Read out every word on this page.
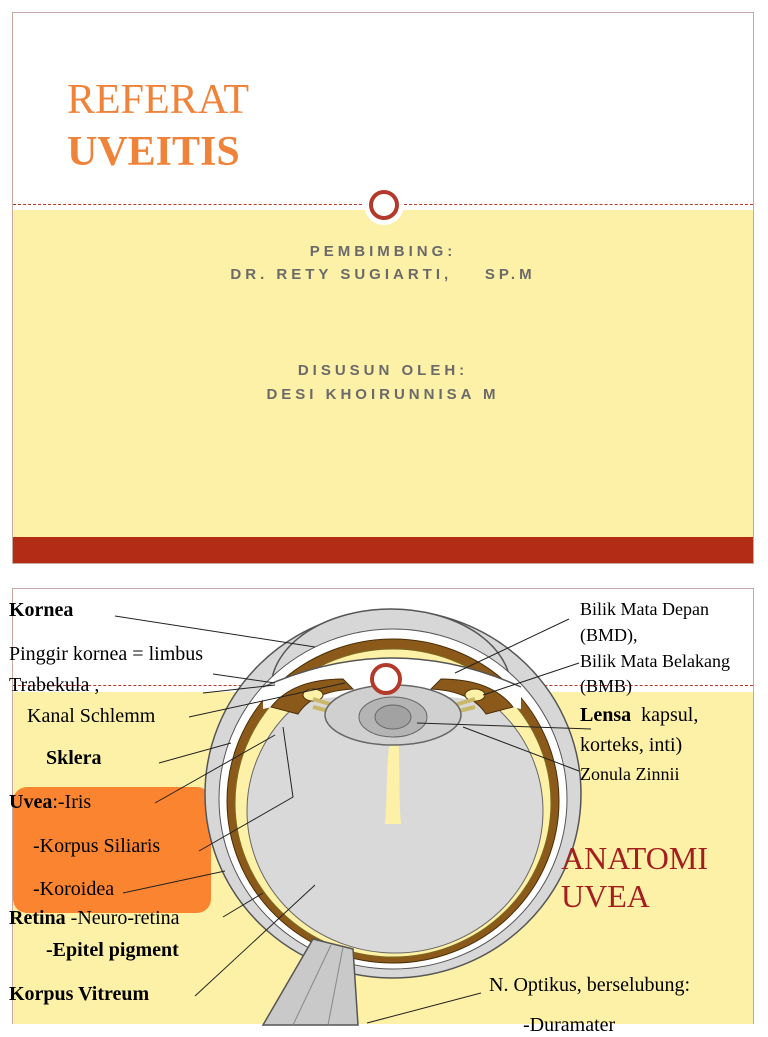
REFERAT
UVEITIS
PEMBIMBING:
DR. RETY SUGIARTI,    SP.M
DISUSUN OLEH:
DESI KHOIRUNNISA M
Kornea
Pinggir kornea = limbus
Trabekula ,
Kanal Schlemm
Sklera
Uvea:-Iris
-Korpus Siliaris
-Koroidea
Retina -Neuro-retina
-Epitel pigment
Korpus Vitreum
Bilik Mata Depan
(BMD),
Bilik Mata Belakang
(BMB)
Lensa  kapsul,
korteks, inti)
Zonula Zinnii
ANATOMI
UVEA
N. Optikus, berselubung:
-Duramater
